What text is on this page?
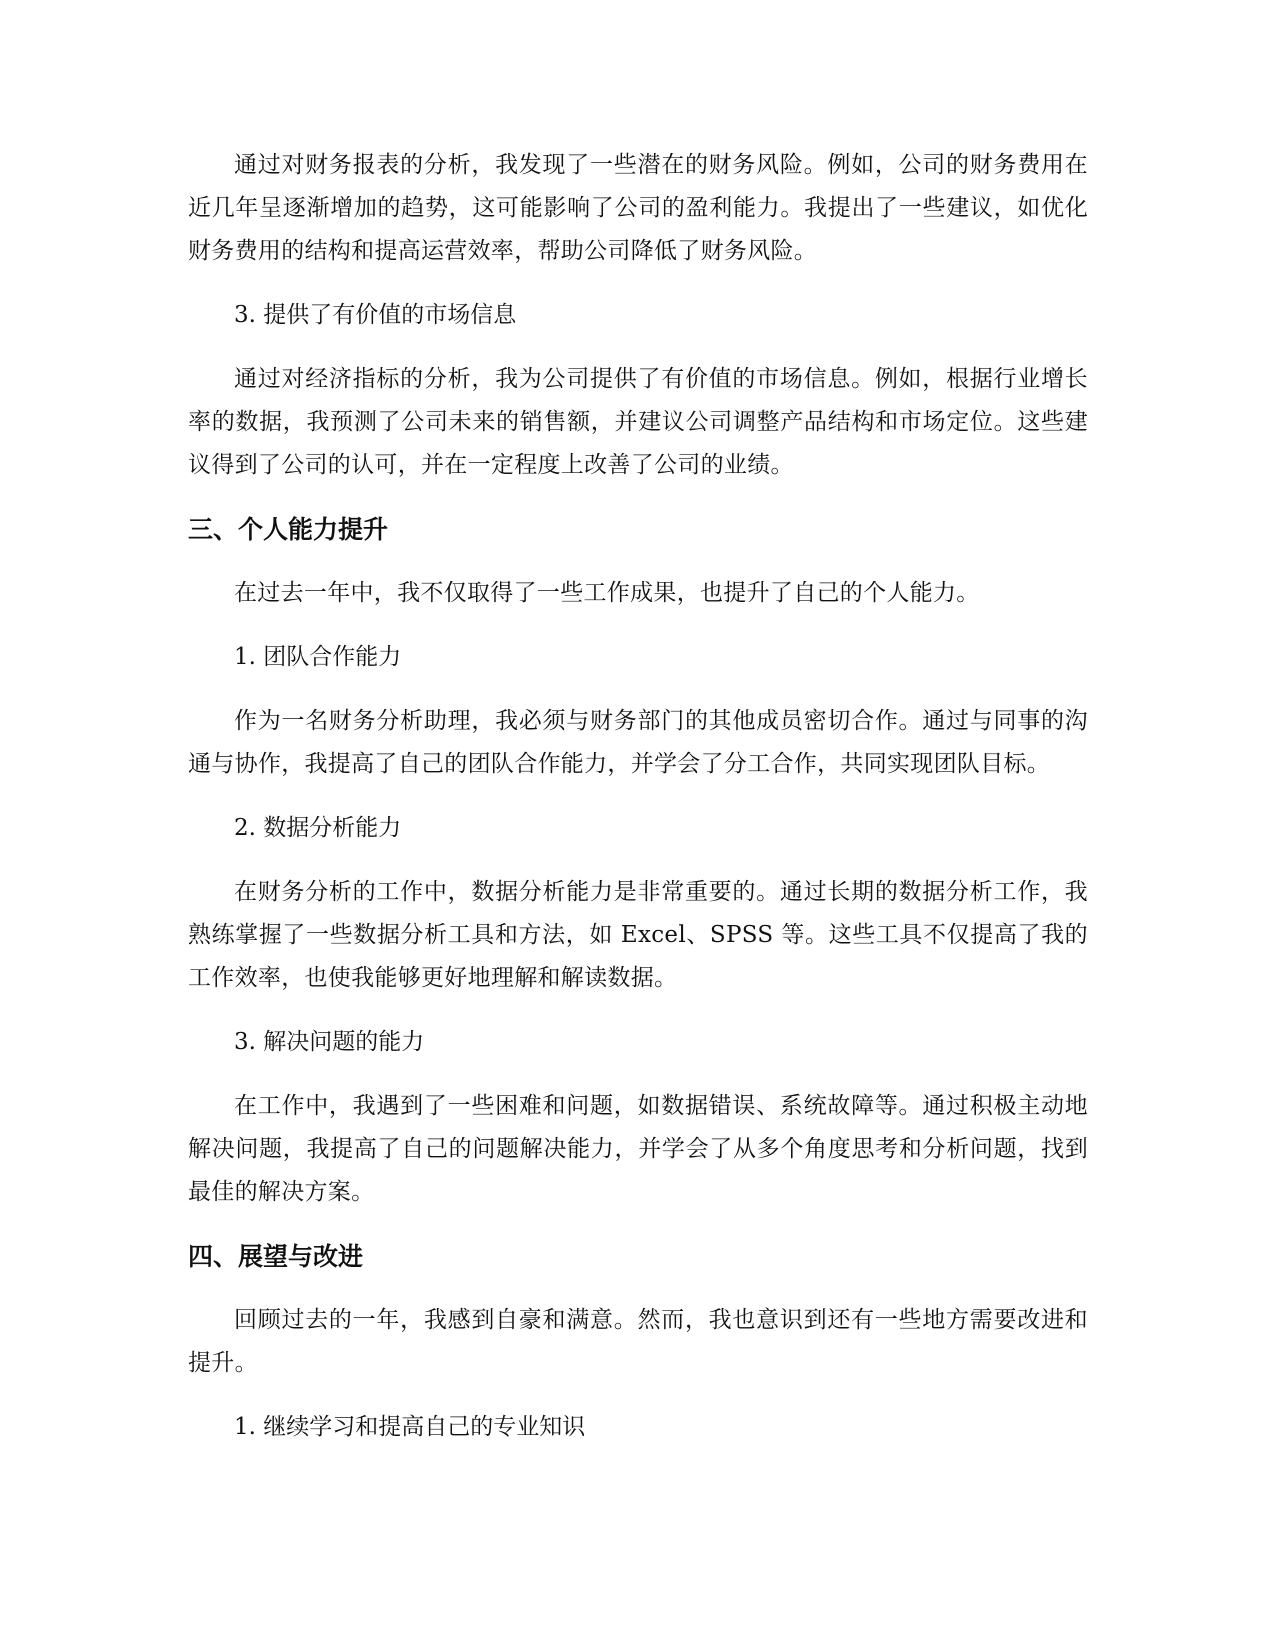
通过对财务报表的分析，我发现了一些潜在的财务风险。例如，公司的财务费用在近几年呈逐渐增加的趋势，这可能影响了公司的盈利能力。我提出了一些建议，如优化财务费用的结构和提高运营效率，帮助公司降低了财务风险。

3. 提供了有价值的市场信息

通过对经济指标的分析，我为公司提供了有价值的市场信息。例如，根据行业增长率的数据，我预测了公司未来的销售额，并建议公司调整产品结构和市场定位。这些建议得到了公司的认可，并在一定程度上改善了公司的业绩。

三、个人能力提升

在过去一年中，我不仅取得了一些工作成果，也提升了自己的个人能力。

1. 团队合作能力

作为一名财务分析助理，我必须与财务部门的其他成员密切合作。通过与同事的沟通与协作，我提高了自己的团队合作能力，并学会了分工合作，共同实现团队目标。

2. 数据分析能力

在财务分析的工作中，数据分析能力是非常重要的。通过长期的数据分析工作，我熟练掌握了一些数据分析工具和方法，如 Excel、SPSS 等。这些工具不仅提高了我的工作效率，也使我能够更好地理解和解读数据。

3. 解决问题的能力

在工作中，我遇到了一些困难和问题，如数据错误、系统故障等。通过积极主动地解决问题，我提高了自己的问题解决能力，并学会了从多个角度思考和分析问题，找到最佳的解决方案。

四、展望与改进

回顾过去的一年，我感到自豪和满意。然而，我也意识到还有一些地方需要改进和提升。

1. 继续学习和提高自己的专业知识
